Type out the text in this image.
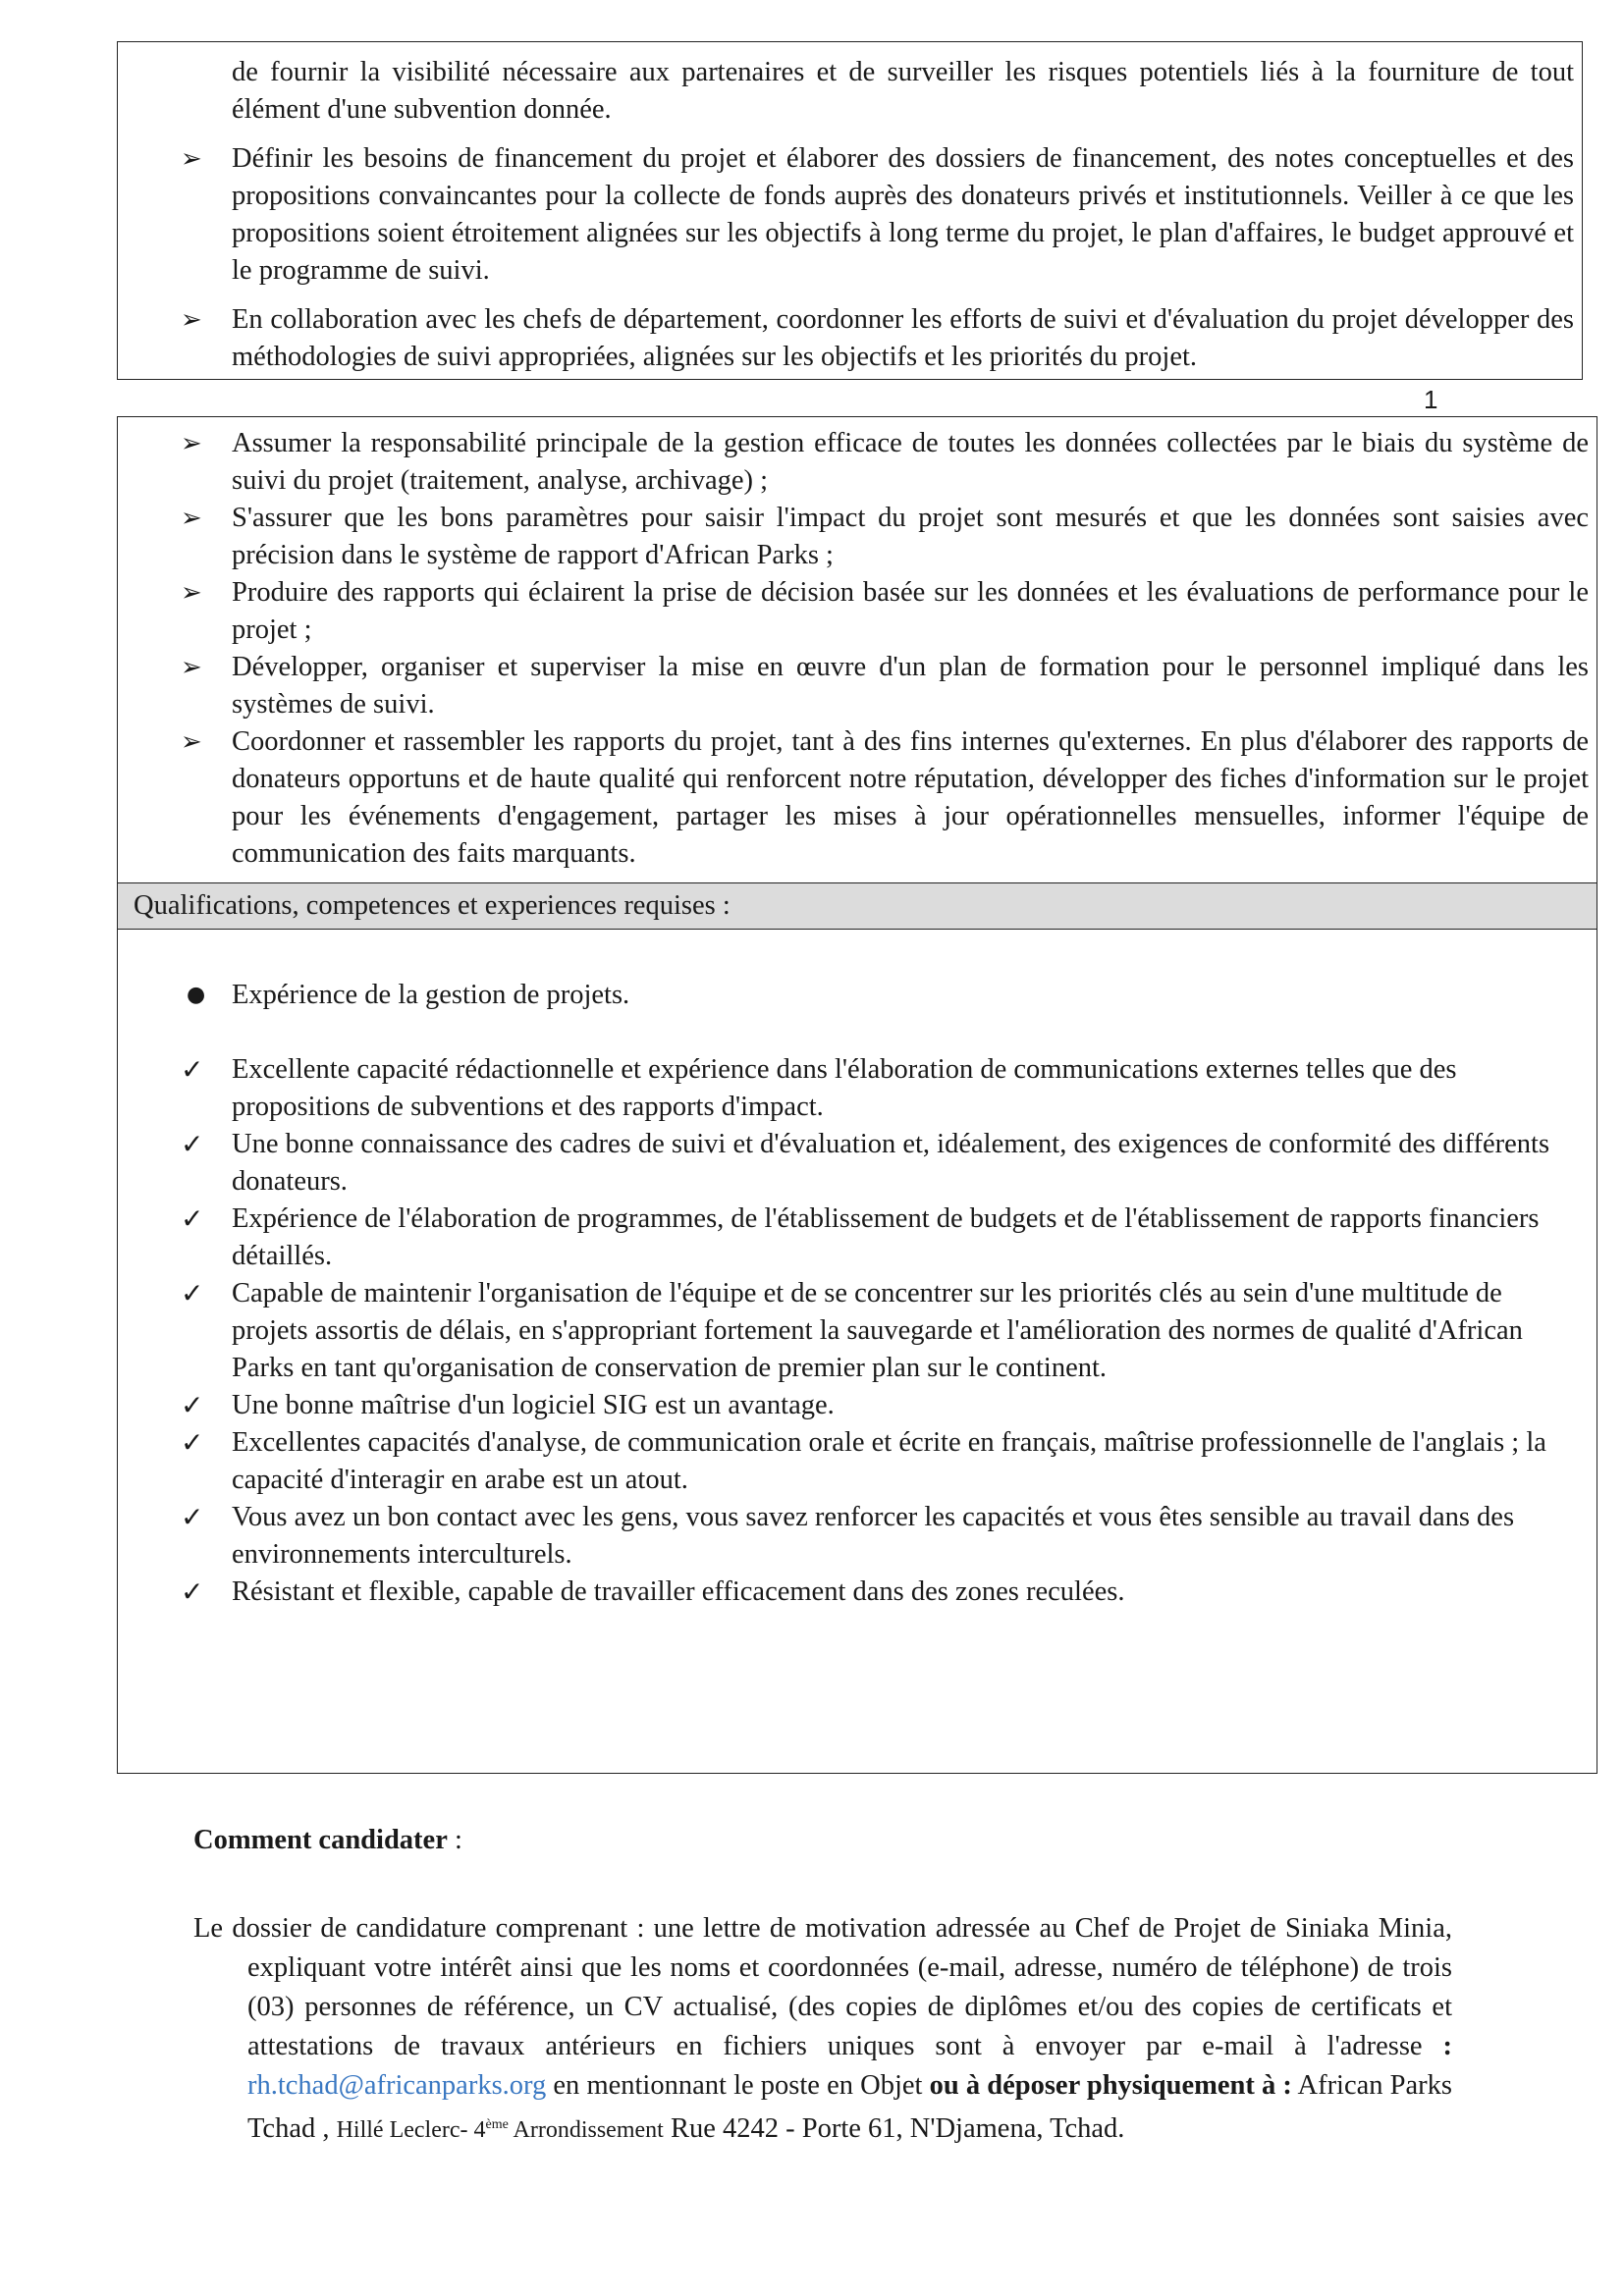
de fournir la visibilité nécessaire aux partenaires et de surveiller les risques potentiels liés à la fourniture de tout élément d'une subvention donnée.
➢ Définir les besoins de financement du projet et élaborer des dossiers de financement, des notes conceptuelles et des propositions convaincantes pour la collecte de fonds auprès des donateurs privés et institutionnels. Veiller à ce que les propositions soient étroitement alignées sur les objectifs à long terme du projet, le plan d'affaires, le budget approuvé et le programme de suivi.
➢ En collaboration avec les chefs de département, coordonner les efforts de suivi et d'évaluation du projet développer des méthodologies de suivi appropriées, alignées sur les objectifs et les priorités du projet.
1
➢ Assumer la responsabilité principale de la gestion efficace de toutes les données collectées par le biais du système de suivi du projet (traitement, analyse, archivage) ;
➢ S'assurer que les bons paramètres pour saisir l'impact du projet sont mesurés et que les données sont saisies avec précision dans le système de rapport d'African Parks ;
➢ Produire des rapports qui éclairent la prise de décision basée sur les données et les évaluations de performance pour le projet ;
➢ Développer, organiser et superviser la mise en œuvre d'un plan de formation pour le personnel impliqué dans les systèmes de suivi.
➢ Coordonner et rassembler les rapports du projet, tant à des fins internes qu'externes. En plus d'élaborer des rapports de donateurs opportuns et de haute qualité qui renforcent notre réputation, développer des fiches d'information sur le projet pour les événements d'engagement, partager les mises à jour opérationnelles mensuelles, informer l'équipe de communication des faits marquants.
Qualifications, competences et experiences requises :
● Expérience de la gestion de projets.
✓ Excellente capacité rédactionnelle et expérience dans l'élaboration de communications externes telles que des propositions de subventions et des rapports d'impact.
✓ Une bonne connaissance des cadres de suivi et d'évaluation et, idéalement, des exigences de conformité des différents donateurs.
✓ Expérience de l'élaboration de programmes, de l'établissement de budgets et de l'établissement de rapports financiers détaillés.
✓ Capable de maintenir l'organisation de l'équipe et de se concentrer sur les priorités clés au sein d'une multitude de projets assortis de délais, en s'appropriant fortement la sauvegarde et l'amélioration des normes de qualité d'African Parks en tant qu'organisation de conservation de premier plan sur le continent.
✓ Une bonne maîtrise d'un logiciel SIG est un avantage.
✓ Excellentes capacités d'analyse, de communication orale et écrite en français, maîtrise professionnelle de l'anglais ; la capacité d'interagir en arabe est un atout.
✓ Vous avez un bon contact avec les gens, vous savez renforcer les capacités et vous êtes sensible au travail dans des environnements interculturels.
✓ Résistant et flexible, capable de travailler efficacement dans des zones reculées.
Comment candidater :

Le dossier de candidature comprenant : une lettre de motivation adressée au Chef de Projet de Siniaka Minia, expliquant votre intérêt ainsi que les noms et coordonnées (e-mail, adresse, numéro de téléphone) de trois (03) personnes de référence, un CV actualisé, (des copies de diplômes et/ou des copies de certificats et attestations de travaux antérieurs en fichiers uniques sont à envoyer par e-mail à l'adresse : rh.tchad@africanparks.org en mentionnant le poste en Objet ou à déposer physiquement à : African Parks Tchad , Hillé Leclerc- 4ème Arrondissement Rue 4242 - Porte 61, N'Djamena, Tchad.
